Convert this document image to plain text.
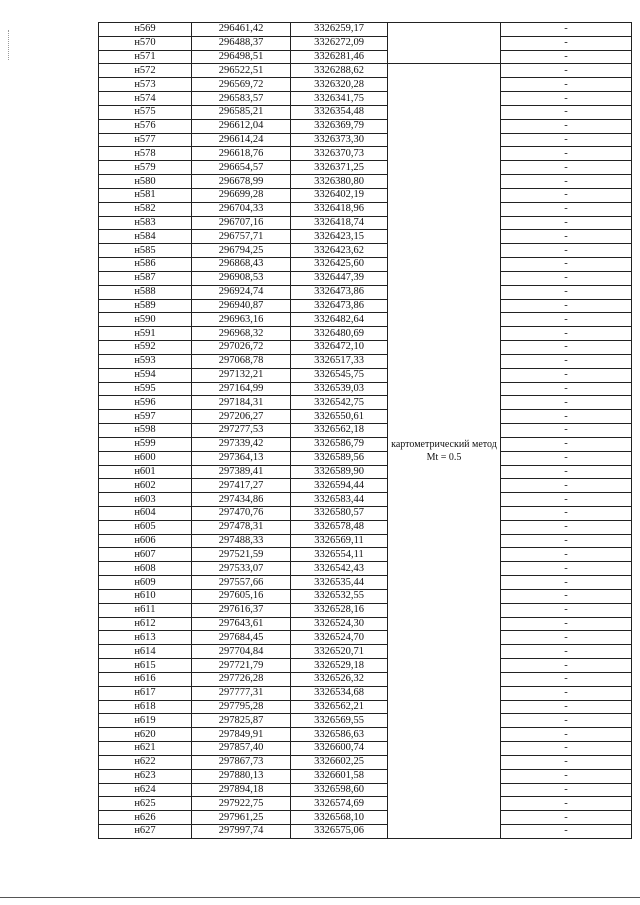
н569	296461,42	3326259,17		-
н570	296488,37	3326272,09		-
н571	296498,51	3326281,46		-
н572	296522,51	3326288,62	картометрический метод Mt = 0.5	-
н573	296569,72	3326320,28		-
н574	296583,57	3326341,75		-
н575	296585,21	3326354,48		-
н576	296612,04	3326369,79		-
н577	296614,24	3326373,30		-
н578	296618,76	3326370,73		-
н579	296654,57	3326371,25		-
н580	296678,99	3326380,80		-
н581	296699,28	3326402,19		-
н582	296704,33	3326418,96		-
н583	296707,16	3326418,74		-
н584	296757,71	3326423,15		-
н585	296794,25	3326423,62		-
н586	296868,43	3326425,60		-
н587	296908,53	3326447,39		-
н588	296924,74	3326473,86		-
н589	296940,87	3326473,86		-
н590	296963,16	3326482,64		-
н591	296968,32	3326480,69		-
н592	297026,72	3326472,10		-
н593	297068,78	3326517,33		-
н594	297132,21	3326545,75		-
н595	297164,99	3326539,03		-
н596	297184,31	3326542,75		-
н597	297206,27	3326550,61		-
н598	297277,53	3326562,18		-
н599	297339,42	3326586,79		-
н600	297364,13	3326589,56		-
н601	297389,41	3326589,90		-
н602	297417,27	3326594,44		-
н603	297434,86	3326583,44		-
н604	297470,76	3326580,57		-
н605	297478,31	3326578,48		-
н606	297488,33	3326569,11		-
н607	297521,59	3326554,11		-
н608	297533,07	3326542,43		-
н609	297557,66	3326535,44		-
н610	297605,16	3326532,55		-
н611	297616,37	3326528,16		-
н612	297643,61	3326524,30		-
н613	297684,45	3326524,70		-
н614	297704,84	3326520,71		-
н615	297721,79	3326529,18		-
н616	297726,28	3326526,32		-
н617	297777,31	3326534,68		-
н618	297795,28	3326562,21		-
н619	297825,87	3326569,55		-
н620	297849,91	3326586,63		-
н621	297857,40	3326600,74		-
н622	297867,73	3326602,25		-
н623	297880,13	3326601,58		-
н624	297894,18	3326598,60		-
н625	297922,75	3326574,69		-
н626	297961,25	3326568,10		-
н627	297997,74	3326575,06		-
